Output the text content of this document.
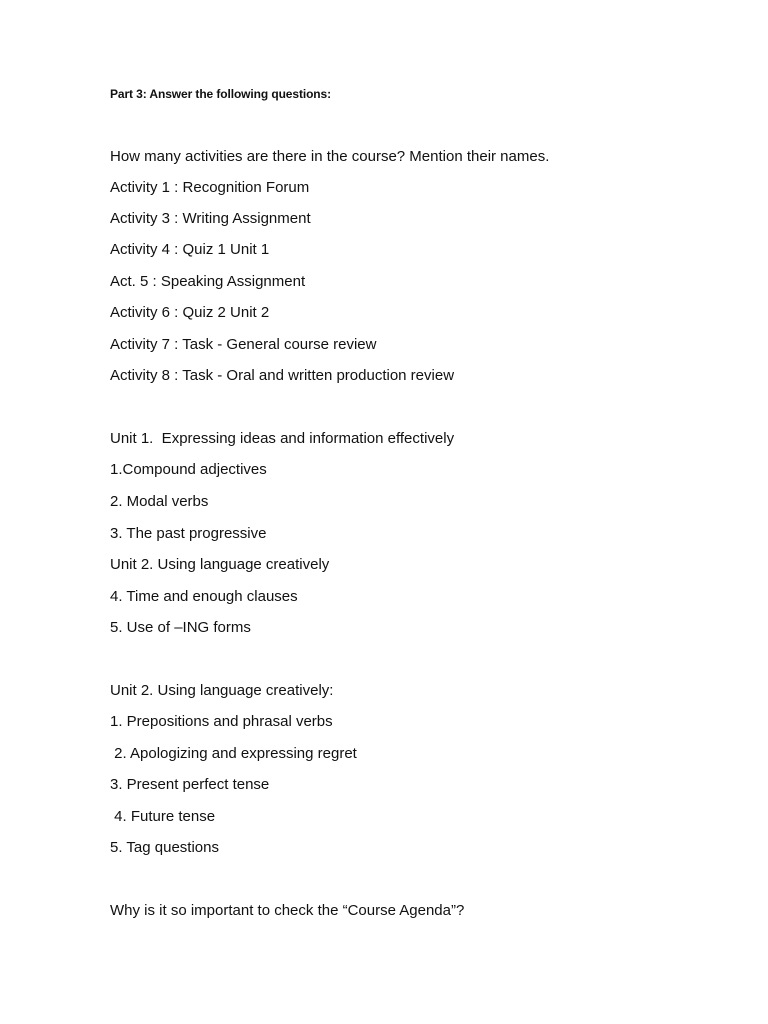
Part 3: Answer the following questions:
How many activities are there in the course? Mention their names.
Activity 1 : Recognition Forum
Activity 3 : Writing Assignment
Activity 4 : Quiz 1 Unit 1
Act. 5 : Speaking Assignment
Activity 6 : Quiz 2 Unit 2
Activity 7 : Task - General course review
Activity 8 : Task - Oral and written production review
Unit 1.  Expressing ideas and information effectively
1.Compound adjectives
2. Modal verbs
3. The past progressive
Unit 2. Using language creatively
4. Time and enough clauses
5. Use of –ING forms
Unit 2. Using language creatively:
1. Prepositions and phrasal verbs
2. Apologizing and expressing regret
3. Present perfect tense
4. Future tense
5. Tag questions
Why is it so important to check the “Course Agenda”?
